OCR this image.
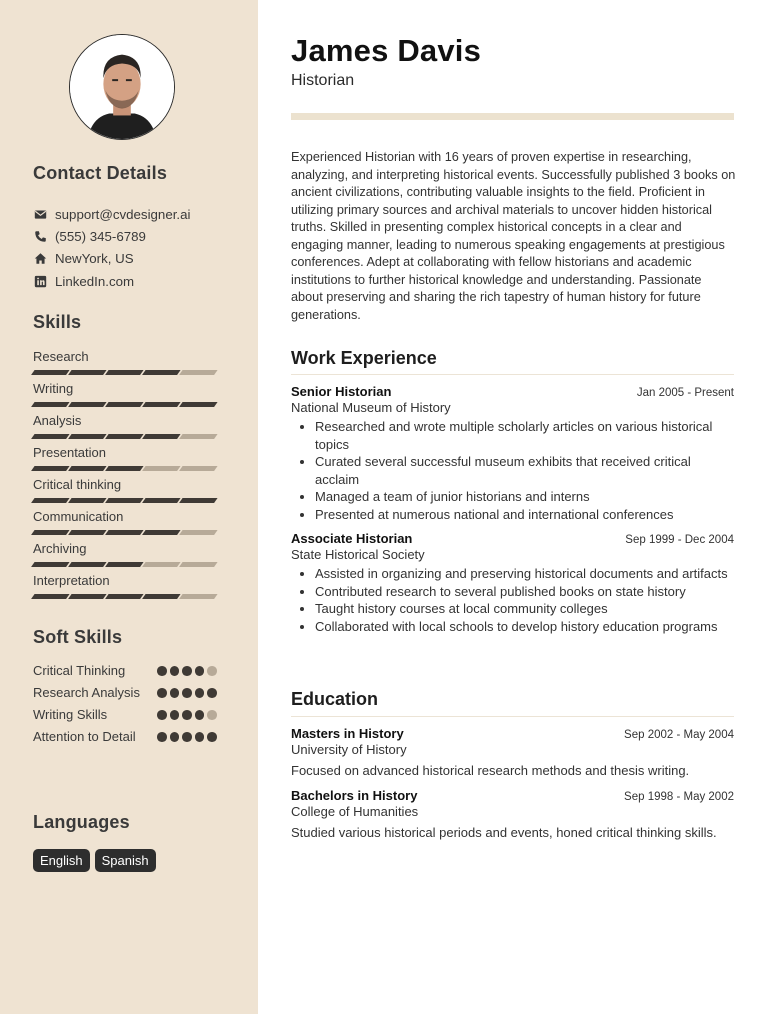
Contact Details
support@cvdesigner.ai
(555) 345-6789
NewYork, US
LinkedIn.com
Skills
Research
Writing
Analysis
Presentation
Critical thinking
Communication
Archiving
Interpretation
Soft Skills
Critical Thinking
Research Analysis
Writing Skills
Attention to Detail
Languages
English	Spanish
James Davis
Historian
Experienced Historian with 16 years of proven expertise in researching, analyzing, and interpreting historical events. Successfully published 3 books on ancient civilizations, contributing valuable insights to the field. Proficient in utilizing primary sources and archival materials to uncover hidden historical truths. Skilled in presenting complex historical concepts in a clear and engaging manner, leading to numerous speaking engagements at prestigious conferences. Adept at collaborating with fellow historians and academic institutions to further historical knowledge and understanding. Passionate about preserving and sharing the rich tapestry of human history for future generations.
Work Experience
Senior Historian	Jan 2005 - Present
National Museum of History
• Researched and wrote multiple scholarly articles on various historical topics
• Curated several successful museum exhibits that received critical acclaim
• Managed a team of junior historians and interns
• Presented at numerous national and international conferences
Associate Historian	Sep 1999 - Dec 2004
State Historical Society
• Assisted in organizing and preserving historical documents and artifacts
• Contributed research to several published books on state history
• Taught history courses at local community colleges
• Collaborated with local schools to develop history education programs
Education
Masters in History	Sep 2002 - May 2004
University of History
Focused on advanced historical research methods and thesis writing.
Bachelors in History	Sep 1998 - May 2002
College of Humanities
Studied various historical periods and events, honed critical thinking skills.
